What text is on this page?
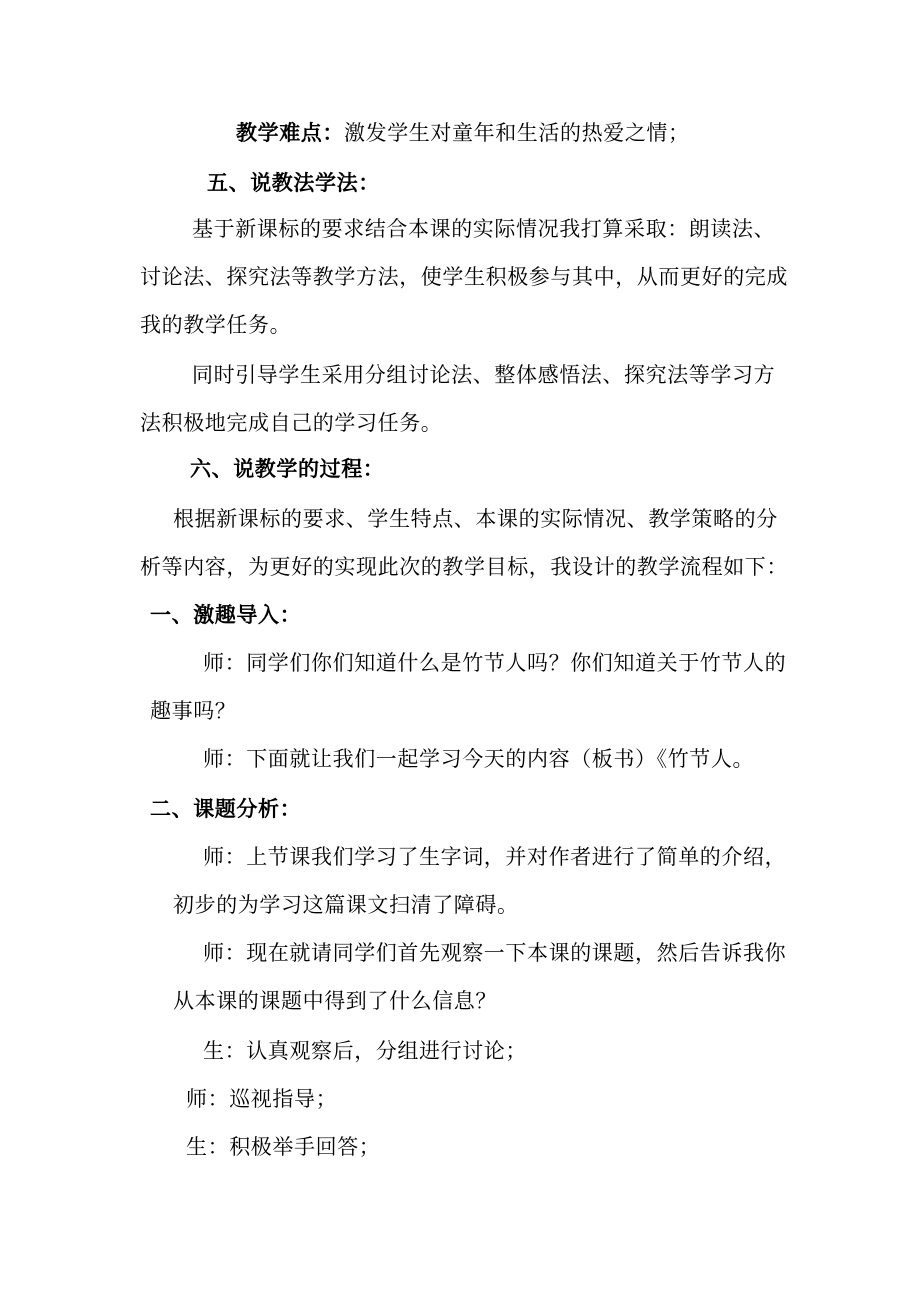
教学难点：激发学生对童年和生活的热爱之情；
五、说教法学法：
基于新课标的要求结合本课的实际情况我打算采取：朗读法、
讨论法、探究法等教学方法，使学生积极参与其中，从而更好的完成
我的教学任务。
同时引导学生采用分组讨论法、整体感悟法、探究法等学习方
法积极地完成自己的学习任务。
六、说教学的过程：
根据新课标的要求、学生特点、本课的实际情况、教学策略的分
析等内容，为更好的实现此次的教学目标，我设计的教学流程如下：
一、激趣导入：
师：同学们你们知道什么是竹节人吗？你们知道关于竹节人的
趣事吗？
师：下面就让我们一起学习今天的内容（板书）《竹节人。
二、课题分析：
师：上节课我们学习了生字词，并对作者进行了简单的介绍，
初步的为学习这篇课文扫清了障碍。
师：现在就请同学们首先观察一下本课的课题，然后告诉我你
从本课的课题中得到了什么信息？
生：认真观察后，分组进行讨论；
师：巡视指导；
生：积极举手回答；
